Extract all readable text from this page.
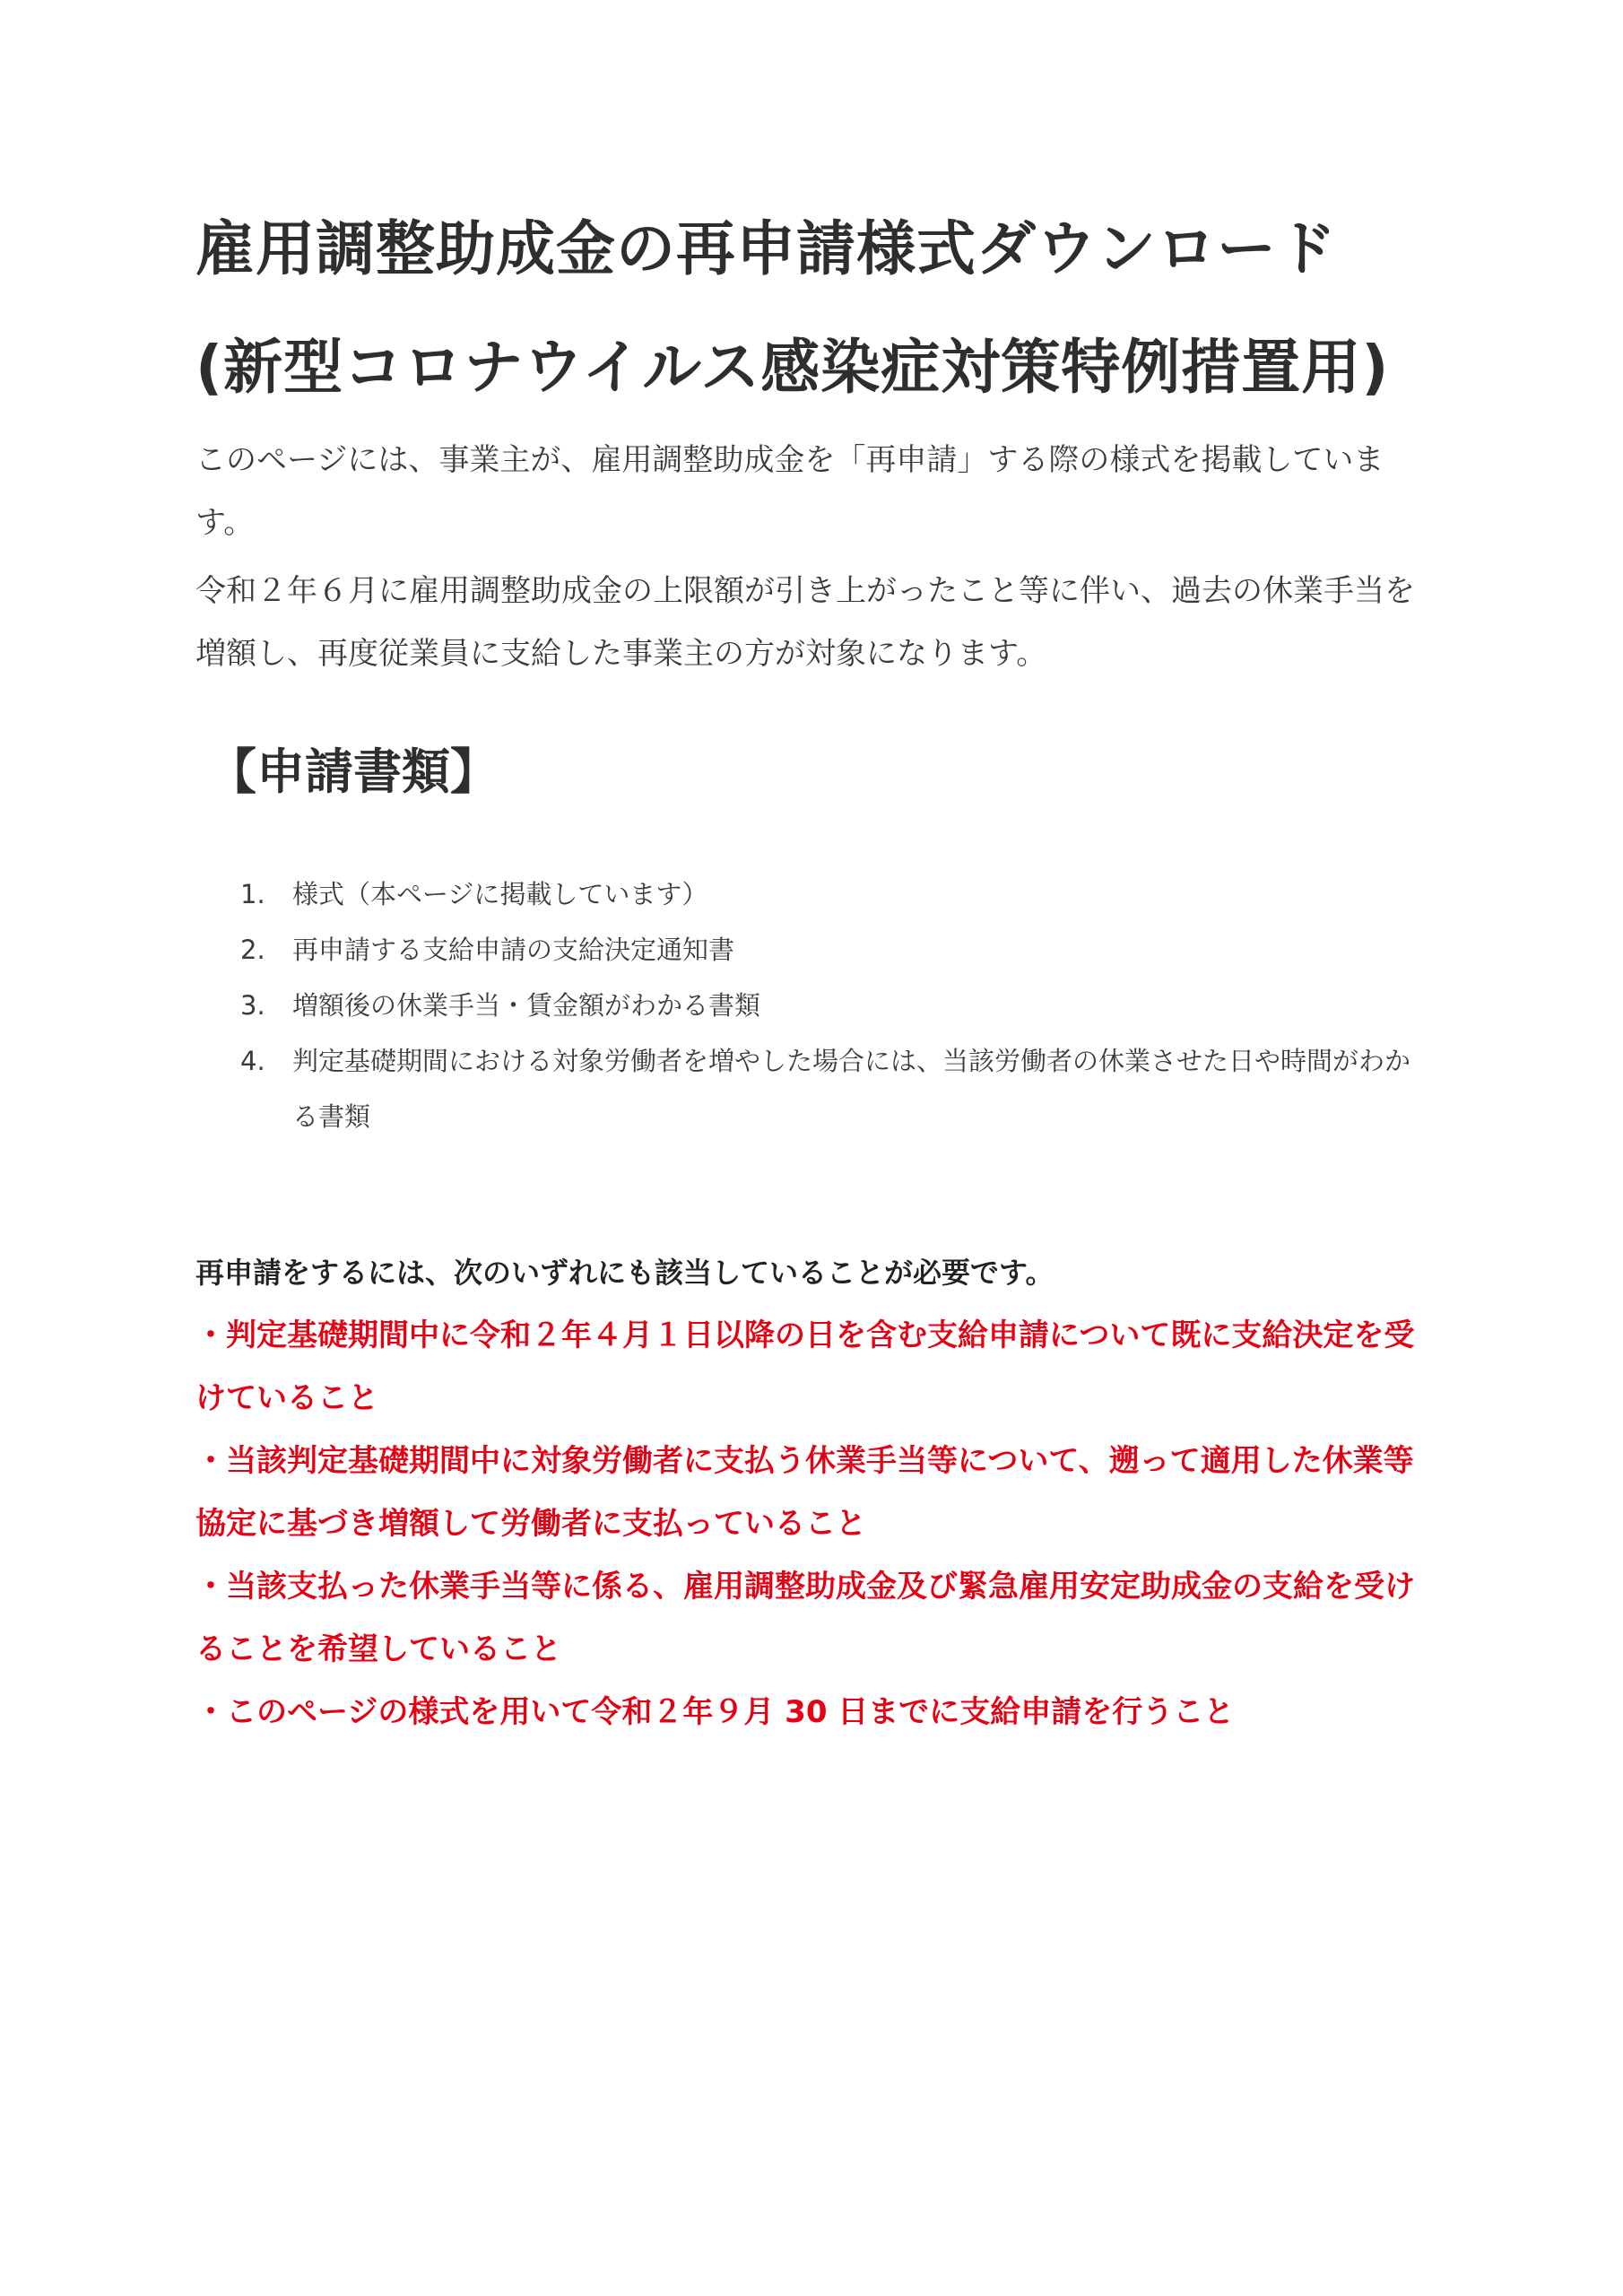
雇用調整助成金の再申請様式ダウンロード
(新型コロナウイルス感染症対策特例措置用)

このページには、事業主が、雇用調整助成金を「再申請」する際の様式を掲載しています。

令和２年６月に雇用調整助成金の上限額が引き上がったこと等に伴い、過去の休業手当を増額し、再度従業員に支給した事業主の方が対象になります。

【申請書類】
1.	様式（本ページに掲載しています）
2.	再申請する支給申請の支給決定通知書
3.	増額後の休業手当・賃金額がわかる書類
4.	判定基礎期間における対象労働者を増やした場合には、当該労働者の休業させた日や時間がわかる書類

再申請をするには、次のいずれにも該当していることが必要です。

・判定基礎期間中に令和２年４月１日以降の日を含む支給申請について既に支給決定を受けていること
・当該判定基礎期間中に対象労働者に支払う休業手当等について、遡って適用した休業等協定に基づき増額して労働者に支払っていること
・当該支払った休業手当等に係る、雇用調整助成金及び緊急雇用安定助成金の支給を受けることを希望していること
・このページの様式を用いて令和２年９月 30 日までに支給申請を行うこと
